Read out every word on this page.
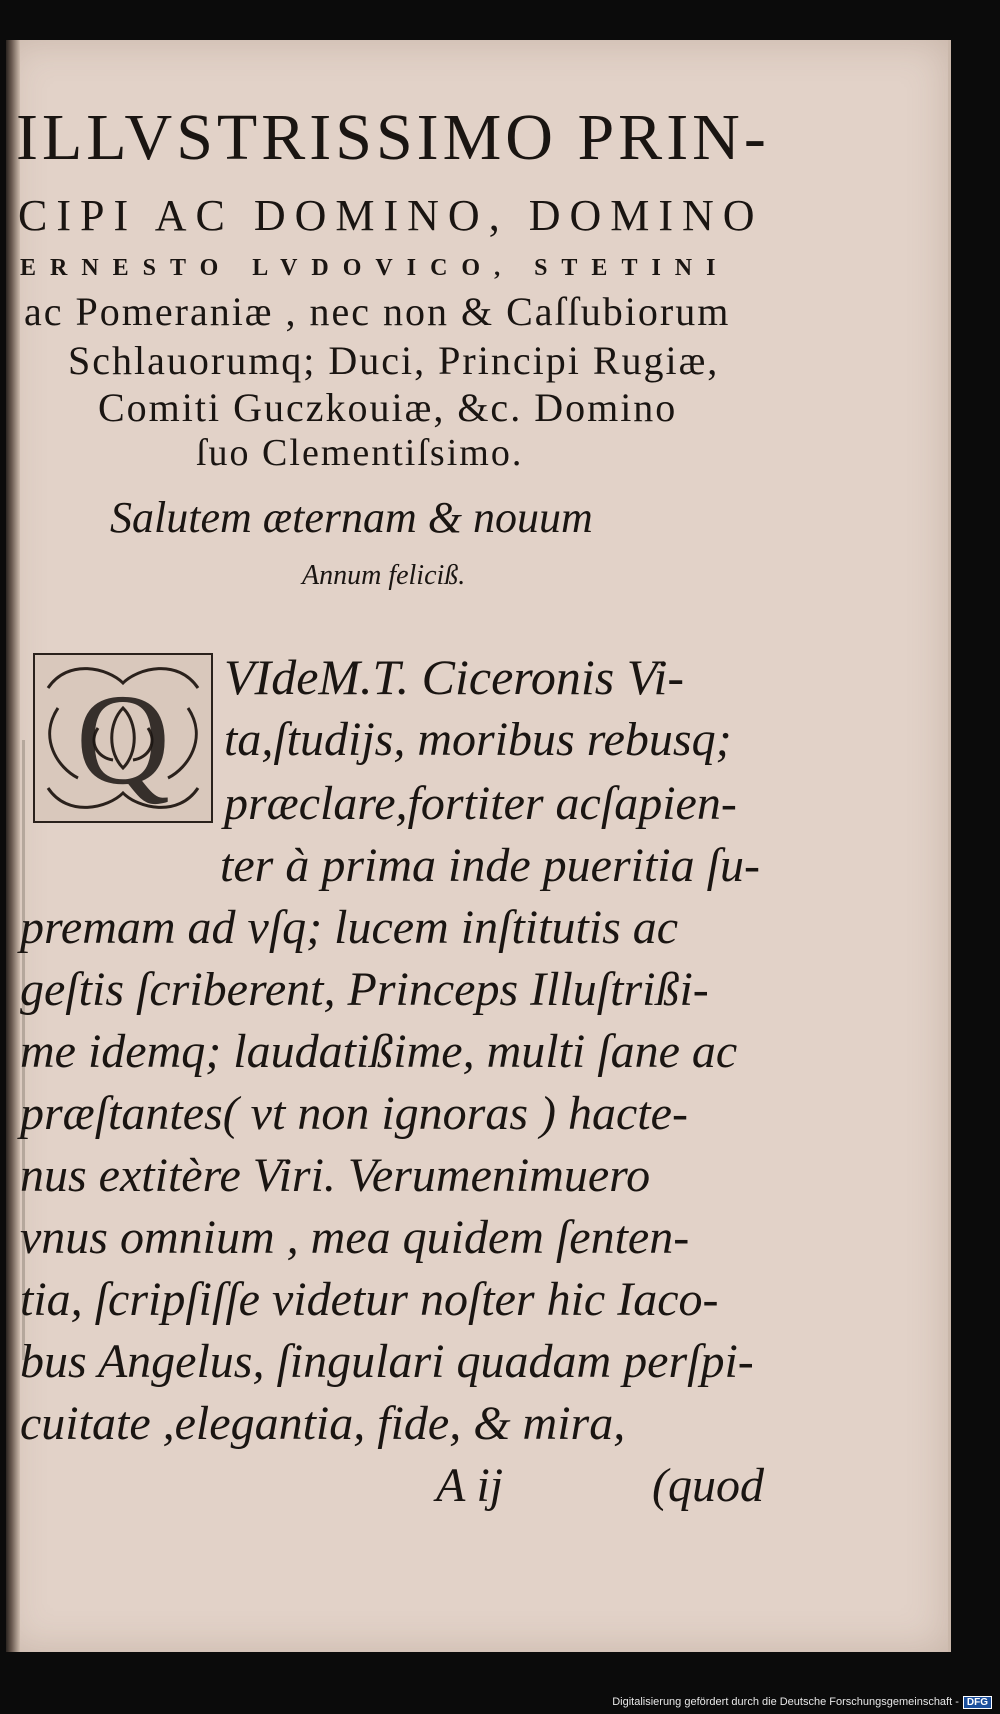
ILLVSTRISSIMO PRIN-
CIPI AC DOMINO, DOMINO
ERNESTO LVDOVICO, STETINI
ac Pomeraniæ , nec non & Caſſubiorum
Schlauorumq; Duci, Principi Rugiæ,
Comiti Guczkouiæ, &c. Domino
ſuo Clementiſsimo.
Salutem æternam & nouum
Annum feliciß.
Q VIdeM.T. Ciceronis Vi-
ta,ſtudijs, moribus rebusq;
præclare,fortiter acſapien-
ter à prima inde pueritia ſu-
premam ad vſq; lucem inſtitutis ac
geſtis ſcriberent, Princeps Illuſtrißi-
me idemq; laudatißime, multi ſane ac
præſtantes( vt non ignoras ) hacte-
nus extitère Viri. Verumenimuero
vnus omnium , mea quidem ſenten-
tia, ſcripſiſſe videtur noſter hic Iaco-
bus Angelus, ſingulari quadam perſpi-
cuitate ,elegantia, fide, & mira,
A ij	(quod
Digitalisierung gefördert durch die Deutsche Forschungsgemeinschaft - DFG
